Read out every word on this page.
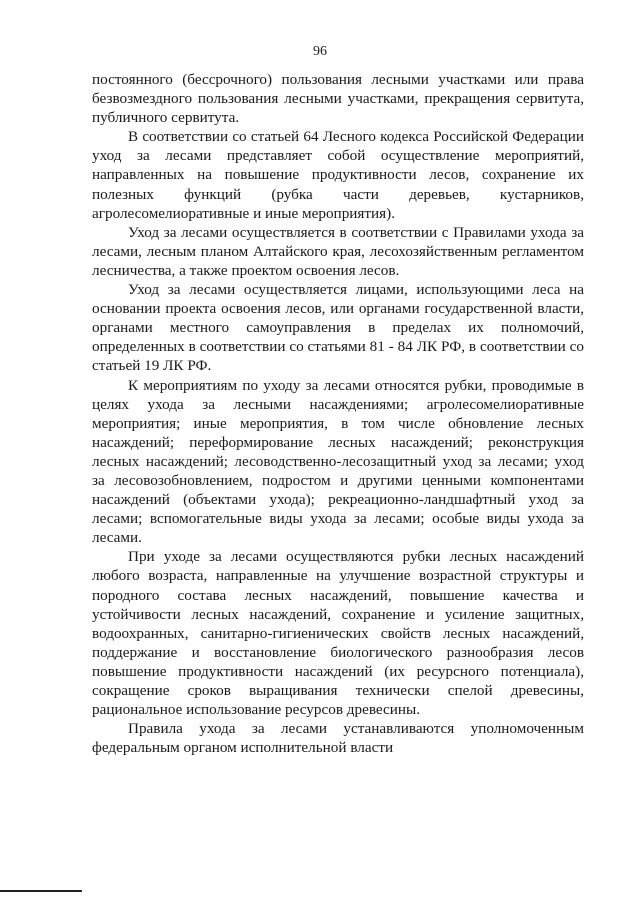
96

постоянного (бессрочного) пользования лесными участками или права безвозмездного пользования лесными участками, прекращения сервитута, публичного сервитута.

В соответствии со статьей 64 Лесного кодекса Российской Федерации уход за лесами представляет собой осуществление мероприятий, направленных на повышение продуктивности лесов, сохранение их полезных функций (рубка части деревьев, кустарников, агролесомелиоративные и иные мероприятия).

Уход за лесами осуществляется в соответствии с Правилами ухода за лесами, лесным планом Алтайского края, лесохозяйственным регламентом лесничества, а также проектом освоения лесов.

Уход за лесами осуществляется лицами, использующими леса на основании проекта освоения лесов, или органами государственной власти, органами местного самоуправления в пределах их полномочий, определенных в соответствии со статьями 81 - 84 ЛК РФ, в соответствии со статьей 19 ЛК РФ.

К мероприятиям по уходу за лесами относятся рубки, проводимые в целях ухода за лесными насаждениями; агролесомелиоративные мероприятия; иные мероприятия, в том числе обновление лесных насаждений; переформирование лесных насаждений; реконструкция лесных насаждений; лесоводственно-лесозащитный уход за лесами; уход за лесовозобновлением, подростом и другими ценными компонентами насаждений (объектами ухода); рекреационно-ландшафтный уход за лесами; вспомогательные виды ухода за лесами; особые виды ухода за лесами.

При уходе за лесами осуществляются рубки лесных насаждений любого возраста, направленные на улучшение возрастной структуры и породного состава лесных насаждений, повышение качества и устойчивости лесных насаждений, сохранение и усиление защитных, водоохранных, санитарно-гигиенических свойств лесных насаждений, поддержание и восстановление биологического разнообразия лесов повышение продуктивности насаждений (их ресурсного потенциала), сокращение сроков выращивания технически спелой древесины, рациональное использование ресурсов древесины.

Правила ухода за лесами устанавливаются уполномоченным федеральным органом исполнительной власти
